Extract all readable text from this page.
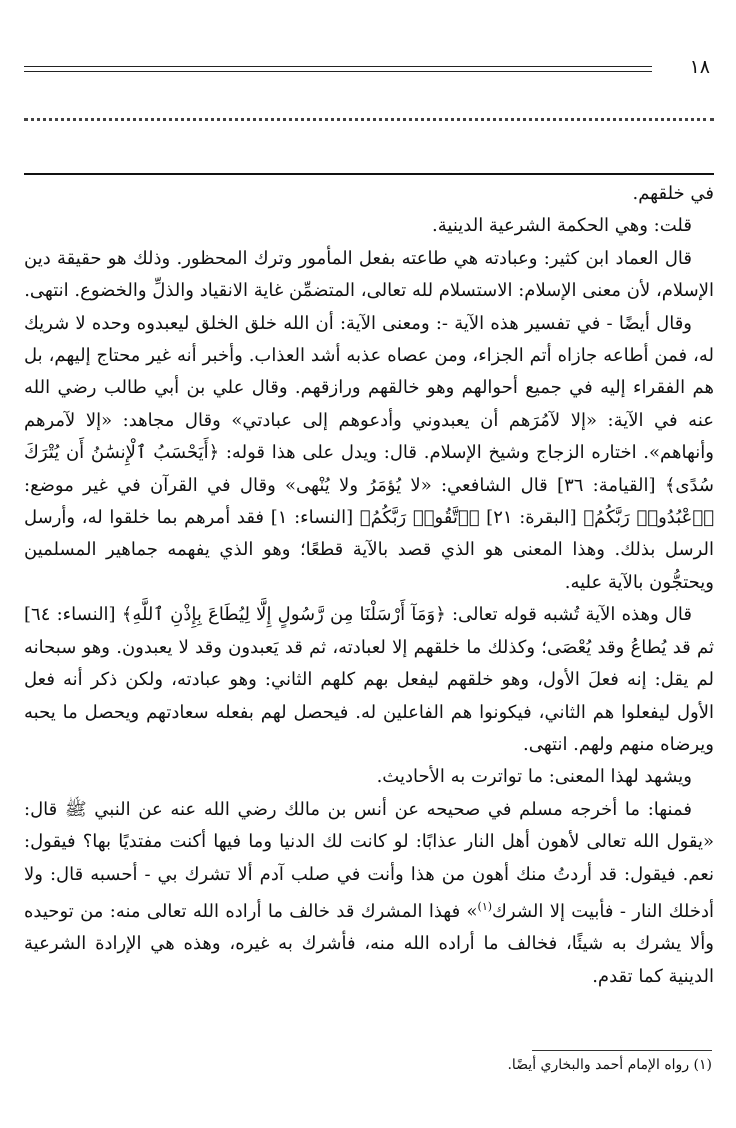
١٨

في خلقهم.

قلت: وهي الحكمة الشرعية الدينية.

قال العماد ابن كثير: وعبادته هي طاعته بفعل المأمور وترك المحظور. وذلك هو حقيقة دين الإسلام، لأن معنى الإسلام: الاستسلام لله تعالى، المتضمِّن غاية الانقياد والذلِّ والخضوع. انتهى.

وقال أيضًا - في تفسير هذه الآية -: ومعنى الآية: أن الله خلق الخلق ليعبدوه وحده لا شريك له، فمن أطاعه جازاه أتم الجزاء، ومن عصاه عذبه أشد العذاب. وأخبر أنه غير محتاج إليهم، بل هم الفقراء إليه في جميع أحوالهم وهو خالقهم ورازقهم. وقال علي بن أبي طالب رضي الله عنه في الآية: «إلا لآمُرَهم أن يعبدوني وأدعوهم إلى عبادتي» وقال مجاهد: «إلا لآمرهم وأنهاهم». اختاره الزجاج وشيخ الإسلام. قال: ويدل على هذا قوله: ﴿أَيَحْسَبُ ٱلْإِنسَٰنُ أَن يُتْرَكَ سُدًى﴾ [القيامة: ٣٦] قال الشافعي: «لا يُؤمَرُ ولا يُنْهى» وقال في القرآن في غير موضع: ﴿ٱعْبُدُوا۟ رَبَّكُمُ﴾ [البقرة: ٢١] ﴿ٱتَّقُوا۟ رَبَّكُمُ﴾ [النساء: ١] فقد أمرهم بما خلقوا له، وأرسل الرسل بذلك. وهذا المعنى هو الذي قصد بالآية قطعًا؛ وهو الذي يفهمه جماهير المسلمين ويحتجُّون بالآية عليه.

قال وهذه الآية تُشبه قوله تعالى: ﴿وَمَآ أَرْسَلْنَا مِن رَّسُولٍ إِلَّا لِيُطَاعَ بِإِذْنِ ٱللَّهِ﴾ [النساء: ٦٤] ثم قد يُطاعُ وقد يُعْصَى؛ وكذلك ما خلقهم إلا لعبادته، ثم قد يَعبدون وقد لا يعبدون. وهو سبحانه لم يقل: إنه فعلَ الأول، وهو خلقهم ليفعل بهم كلهم الثاني: وهو عبادته، ولكن ذكر أنه فعل الأول ليفعلوا هم الثاني، فيكونوا هم الفاعلين له. فيحصل لهم بفعله سعادتهم ويحصل ما يحبه ويرضاه منهم ولهم. انتهى.

ويشهد لهذا المعنى: ما تواترت به الأحاديث.

فمنها: ما أخرجه مسلم في صحيحه عن أنس بن مالك رضي الله عنه عن النبي ﷺ قال: «يقول الله تعالى لأهون أهل النار عذابًا: لو كانت لك الدنيا وما فيها أكنت مفتديًا بها؟ فيقول: نعم. فيقول: قد أردتُ منك أهون من هذا وأنت في صلب آدم ألا تشرك بي - أحسبه قال: ولا أدخلك النار - فأبيت إلا الشرك$^{(١)}$» فهذا المشرك قد خالف ما أراده الله تعالى منه: من توحيده وألا يشرك به شيئًا، فخالف ما أراده الله منه، فأشرك به غيره، وهذه هي الإرادة الشرعية الدينية كما تقدم.

(١) رواه الإمام أحمد والبخاري أيضًا.
